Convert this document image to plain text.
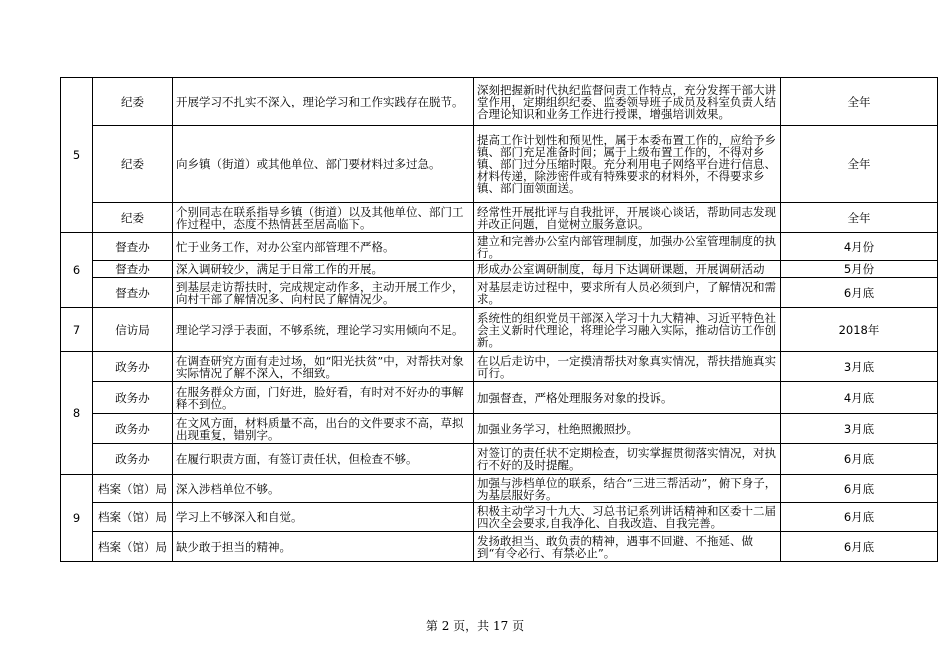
5	纪委	开展学习不扎实不深入，理论学习和工作实践存在脱节。	深刻把握新时代执纪监督问责工作特点，充分发挥干部大讲堂作用，定期组织纪委、监委领导班子成员及科室负责人结合理论知识和业务工作进行授课，增强培训效果。	全年
	纪委	向乡镇（街道）或其他单位、部门要材料过多过急。	提高工作计划性和预见性，属于本委布置工作的，应给予乡镇、部门充足准备时间；属于上级布置工作的，不得对乡镇、部门过分压缩时限。充分利用电子网络平台进行信息、材料传递，除涉密件或有特殊要求的材料外，不得要求乡镇、部门面领面送。	全年
	纪委	个别同志在联系指导乡镇（街道）以及其他单位、部门工作过程中，态度不热情甚至居高临下。	经常性开展批评与自我批评，开展谈心谈话，帮助同志发现并改正问题，自觉树立服务意识。	全年
6	督查办	忙于业务工作，对办公室内部管理不严格。	建立和完善办公室内部管理制度，加强办公室管理制度的执行。	4月份
	督查办	深入调研较少，满足于日常工作的开展。	形成办公室调研制度，每月下达调研课题，开展调研活动	5月份
	督查办	到基层走访帮扶时，完成规定动作多，主动开展工作少，向村干部了解情况多、向村民了解情况少。	对基层走访过程中，要求所有人员必须到户，了解情况和需求。	6月底
7	信访局	理论学习浮于表面，不够系统，理论学习实用倾向不足。	系统性的组织党员干部深入学习十九大精神、习近平特色社会主义新时代理论，将理论学习融入实际，推动信访工作创新。	2018年
8	政务办	在调查研究方面有走过场，如“阳光扶贫”中，对帮扶对象实际情况了解不深入，不细致。	在以后走访中，一定摸清帮扶对象真实情况，帮扶措施真实可行。	3月底
	政务办	在服务群众方面，门好进，脸好看，有时对不好办的事解释不到位。	加强督查，严格处理服务对象的投诉。	4月底
	政务办	在文风方面，材料质量不高，出台的文件要求不高，草拟出现重复，错别字。	加强业务学习，杜绝照搬照抄。	3月底
	政务办	在履行职责方面，有签订责任状，但检查不够。	对签订的责任状不定期检查，切实掌握贯彻落实情况，对执行不好的及时提醒。	6月底
9	档案（馆）局	深入涉档单位不够。	加强与涉档单位的联系，结合“三进三帮活动”，俯下身子，为基层服好务。	6月底
	档案（馆）局	学习上不够深入和自觉。	积极主动学习十九大、习总书记系列讲话精神和区委十二届四次全会要求,自我净化、自我改造、自我完善。	6月底
	档案（馆）局	缺少敢于担当的精神。	发扬敢担当、敢负责的精神，遇事不回避、不拖延、做到“有令必行、有禁必止”。	6月底
第 2 页，共 17 页
